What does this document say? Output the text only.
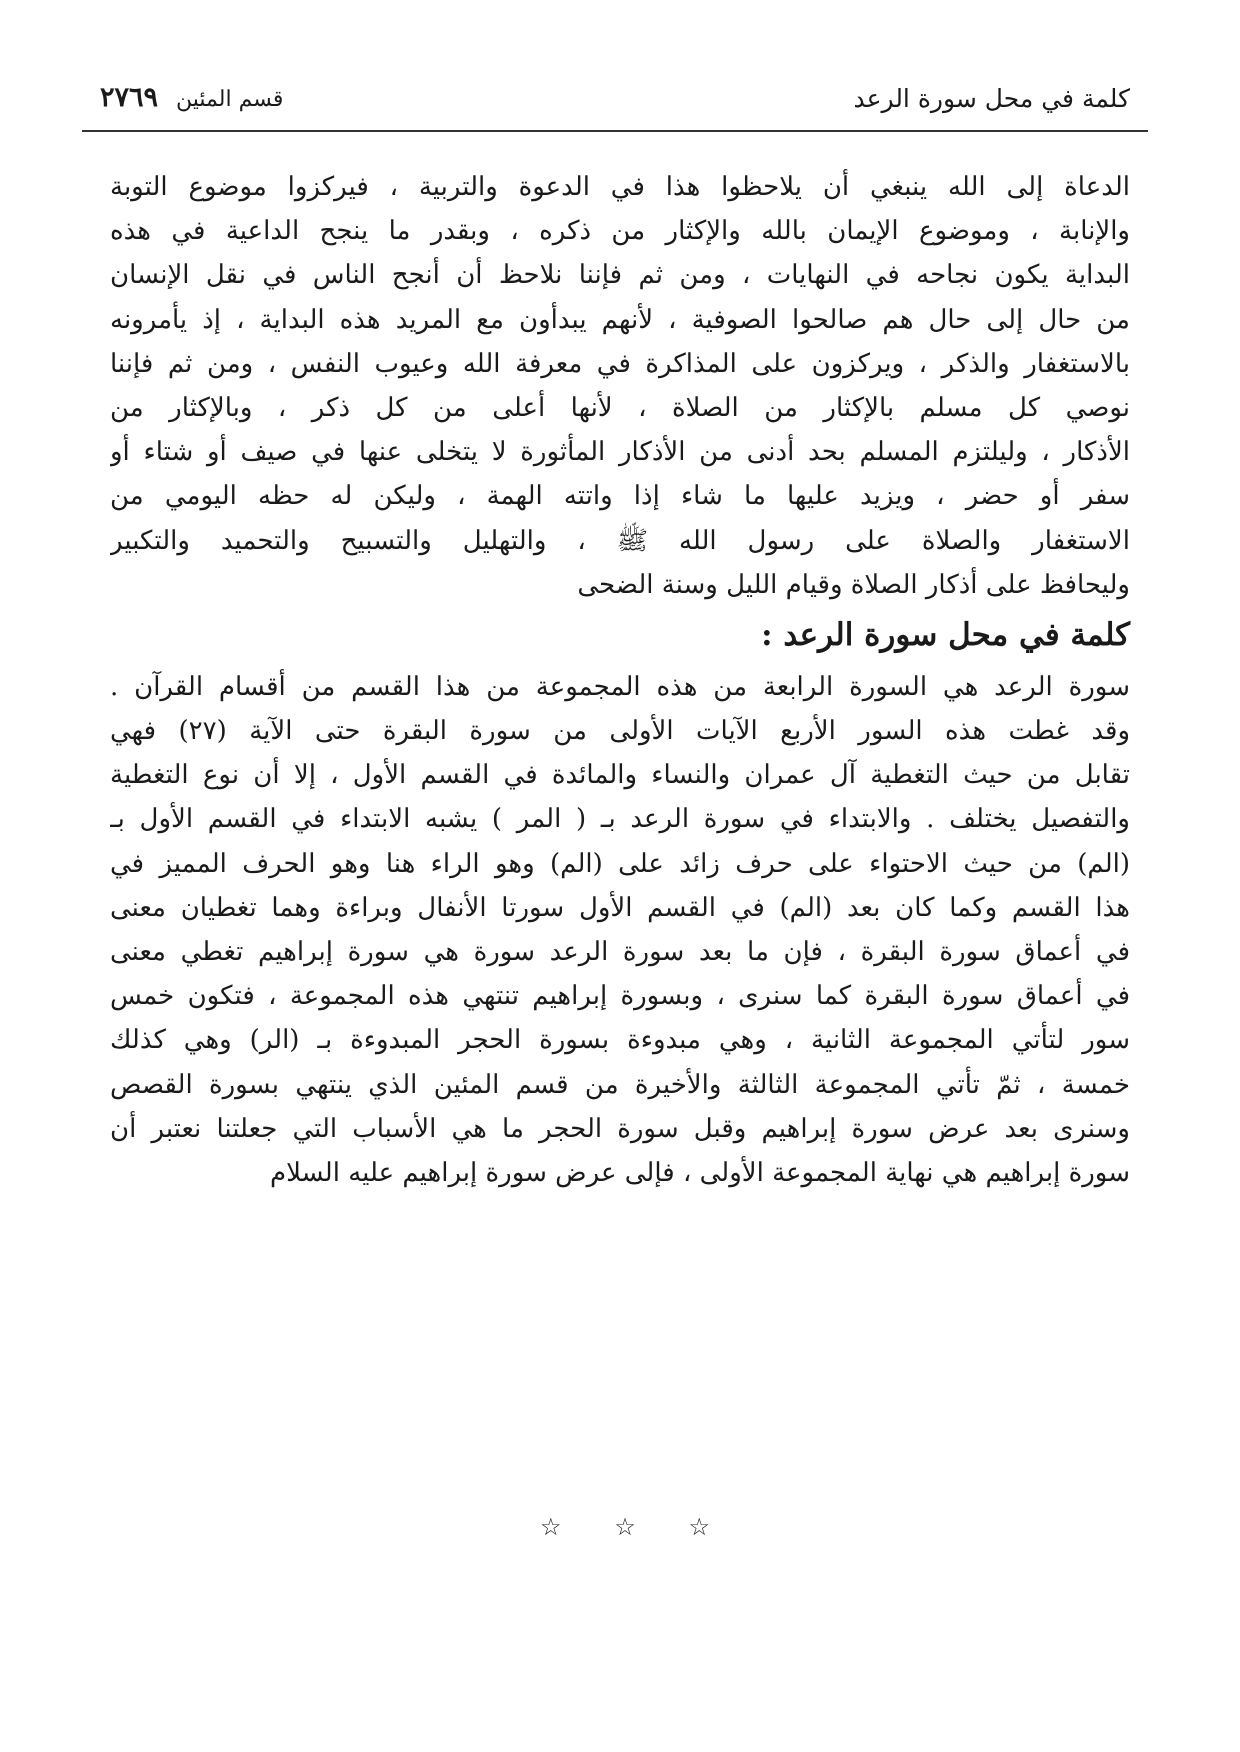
كلمة في محل سورة الرعد
قسم المئين
٢٧٦٩
الدعاة إلى الله ينبغي أن يلاحظوا هذا في الدعوة والتربية ، فيركزوا موضوع التوبة
والإنابة ، وموضوع الإيمان بالله والإكثار من ذكره ، وبقدر ما ينجح الداعية في هذه
البداية يكون نجاحه في النهايات ، ومن ثم فإننا نلاحظ أن أنجح الناس في نقل الإنسان
من حال إلى حال هم صالحوا الصوفية ، لأنهم يبدأون مع المريد هذه البداية ، إذ يأمرونه
بالاستغفار والذكر ، ويركزون على المذاكرة في معرفة الله وعيوب النفس ، ومن ثم فإننا
نوصي كل مسلم بالإكثار من الصلاة ، لأنها أعلى من كل ذكر ، وبالإكثار من
الأذكار ، وليلتزم المسلم بحد أدنى من الأذكار المأثورة لا يتخلى عنها في صيف أو شتاء أو
سفر أو حضر ، ويزيد عليها ما شاء إذا واتته الهمة ، وليكن له حظه اليومي من
الاستغفار والصلاة على رسول الله ﷺ ، والتهليل والتسبيح والتحميد والتكبير
وليحافظ على أذكار الصلاة وقيام الليل وسنة الضحى
كلمة في محل سورة الرعد :
سورة الرعد هي السورة الرابعة من هذه المجموعة من هذا القسم من أقسام القرآن .
وقد غطت هذه السور الأربع الآيات الأولى من سورة البقرة حتى الآية (٢٧) فهي
تقابل من حيث التغطية آل عمران والنساء والمائدة في القسم الأول ، إلا أن نوع التغطية
والتفصيل يختلف . والابتداء في سورة الرعد بـ ( المر ) يشبه الابتداء في القسم الأول بـ
(الم) من حيث الاحتواء على حرف زائد على (الم) وهو الراء هنا وهو الحرف المميز في
هذا القسم وكما كان بعد (الم) في القسم الأول سورتا الأنفال وبراءة وهما تغطيان معنى
في أعماق سورة البقرة ، فإن ما بعد سورة الرعد سورة هي سورة إبراهيم تغطي معنى
في أعماق سورة البقرة كما سنرى ، وبسورة إبراهيم تنتهي هذه المجموعة ، فتكون خمس
سور لتأتي المجموعة الثانية ، وهي مبدوءة بسورة الحجر المبدوءة بـ (الر) وهي كذلك
خمسة ، ثمّ تأتي المجموعة الثالثة والأخيرة من قسم المئين الذي ينتهي بسورة القصص
وسنرى بعد عرض سورة إبراهيم وقبل سورة الحجر ما هي الأسباب التي جعلتنا نعتبر أن
سورة إبراهيم هي نهاية المجموعة الأولى ، فإلى عرض سورة إبراهيم عليه السلام
☆ ☆ ☆
